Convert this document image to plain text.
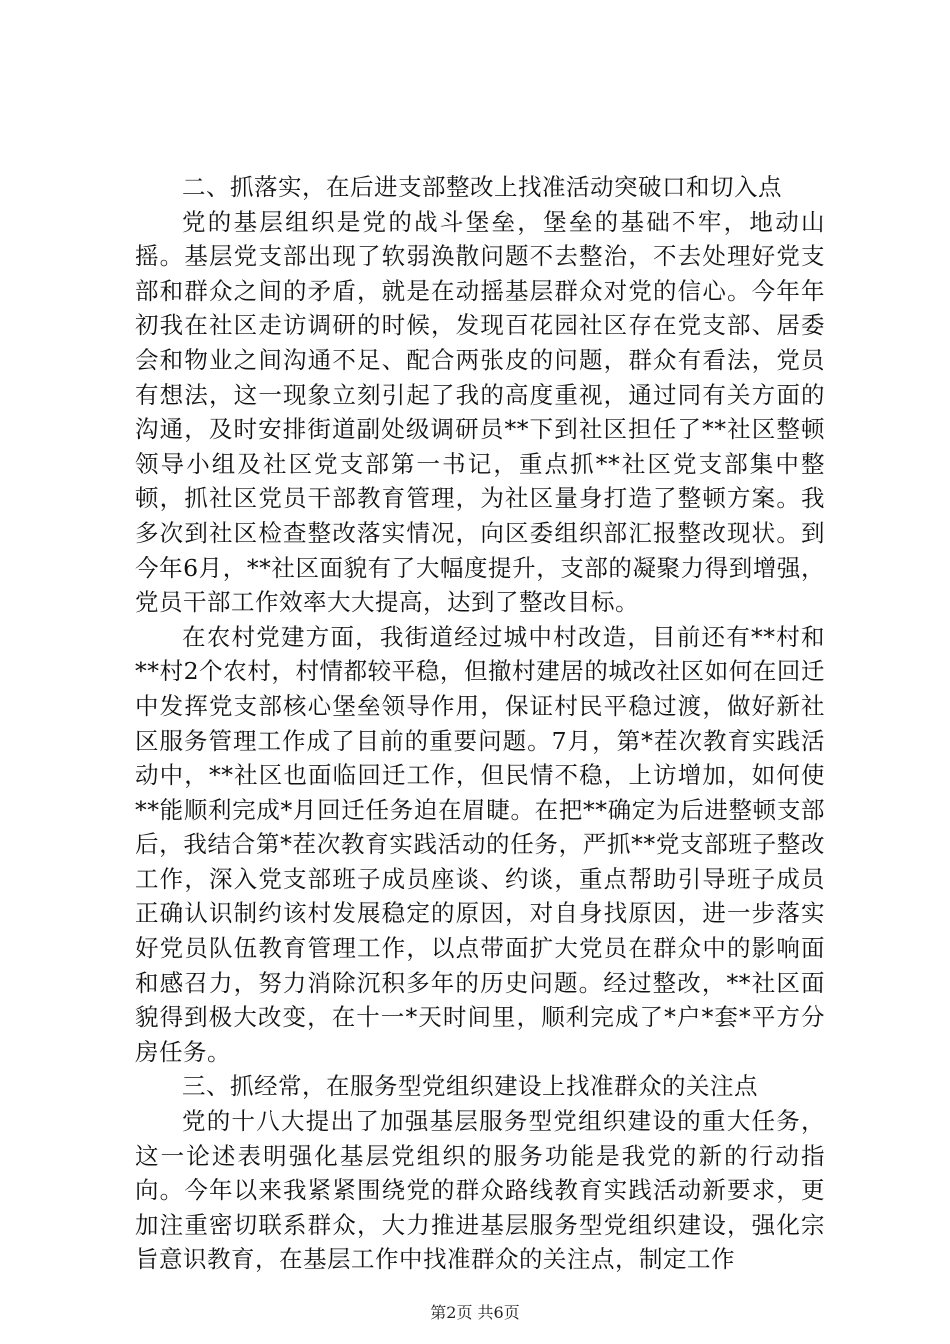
二、抓落实，在后进支部整改上找准活动突破口和切入点

党的基层组织是党的战斗堡垒，堡垒的基础不牢，地动山摇。基层党支部出现了软弱涣散问题不去整治，不去处理好党支部和群众之间的矛盾，就是在动摇基层群众对党的信心。今年年初我在社区走访调研的时候，发现百花园社区存在党支部、居委会和物业之间沟通不足、配合两张皮的问题，群众有看法，党员有想法，这一现象立刻引起了我的高度重视，通过同有关方面的沟通，及时安排街道副处级调研员**下到社区担任了**社区整顿领导小组及社区党支部第一书记，重点抓**社区党支部集中整顿，抓社区党员干部教育管理，为社区量身打造了整顿方案。我多次到社区检查整改落实情况，向区委组织部汇报整改现状。到今年6月，**社区面貌有了大幅度提升，支部的凝聚力得到增强，党员干部工作效率大大提高，达到了整改目标。

在农村党建方面，我街道经过城中村改造，目前还有**村和**村2个农村，村情都较平稳，但撤村建居的城改社区如何在回迁中发挥党支部核心堡垒领导作用，保证村民平稳过渡，做好新社区服务管理工作成了目前的重要问题。7月，第*茬次教育实践活动中，**社区也面临回迁工作，但民情不稳，上访增加，如何使**能顺利完成*月回迁任务迫在眉睫。在把**确定为后进整顿支部后，我结合第*茬次教育实践活动的任务，严抓**党支部班子整改工作，深入党支部班子成员座谈、约谈，重点帮助引导班子成员正确认识制约该村发展稳定的原因，对自身找原因，进一步落实好党员队伍教育管理工作，以点带面扩大党员在群众中的影响面和感召力，努力消除沉积多年的历史问题。经过整改，**社区面貌得到极大改变，在十一*天时间里，顺利完成了*户*套*平方分房任务。

三、抓经常，在服务型党组织建设上找准群众的关注点

党的十八大提出了加强基层服务型党组织建设的重大任务，这一论述表明强化基层党组织的服务功能是我党的新的行动指向。今年以来我紧紧围绕党的群众路线教育实践活动新要求，更加注重密切联系群众，大力推进基层服务型党组织建设，强化宗旨意识教育，在基层工作中找准群众的关注点，制定工作

第2页 共6页
